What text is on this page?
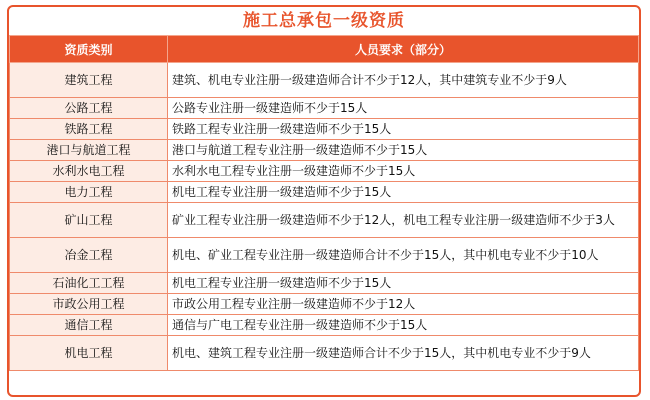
施工总承包一级资质
资质类别	人员要求（部分）
建筑工程	建筑、机电专业注册一级建造师合计不少于12人，其中建筑专业不少于9人
公路工程	公路专业注册一级建造师不少于15人
铁路工程	铁路工程专业注册一级建造师不少于15人
港口与航道工程	港口与航道工程专业注册一级建造师不少于15人
水利水电工程	水利水电工程专业注册一级建造师不少于15人
电力工程	机电工程专业注册一级建造师不少于15人
矿山工程	矿业工程专业注册一级建造师不少于12人，机电工程专业注册一级建造师不少于3人
冶金工程	机电、矿业工程专业注册一级建造师合计不少于15人，其中机电专业不少于10人
石油化工工程	机电工程专业注册一级建造师不少于15人
市政公用工程	市政公用工程专业注册一级建造师不少于12人
通信工程	通信与广电工程专业注册一级建造师不少于15人
机电工程	机电、建筑工程专业注册一级建造师合计不少于15人，其中机电专业不少于9人
